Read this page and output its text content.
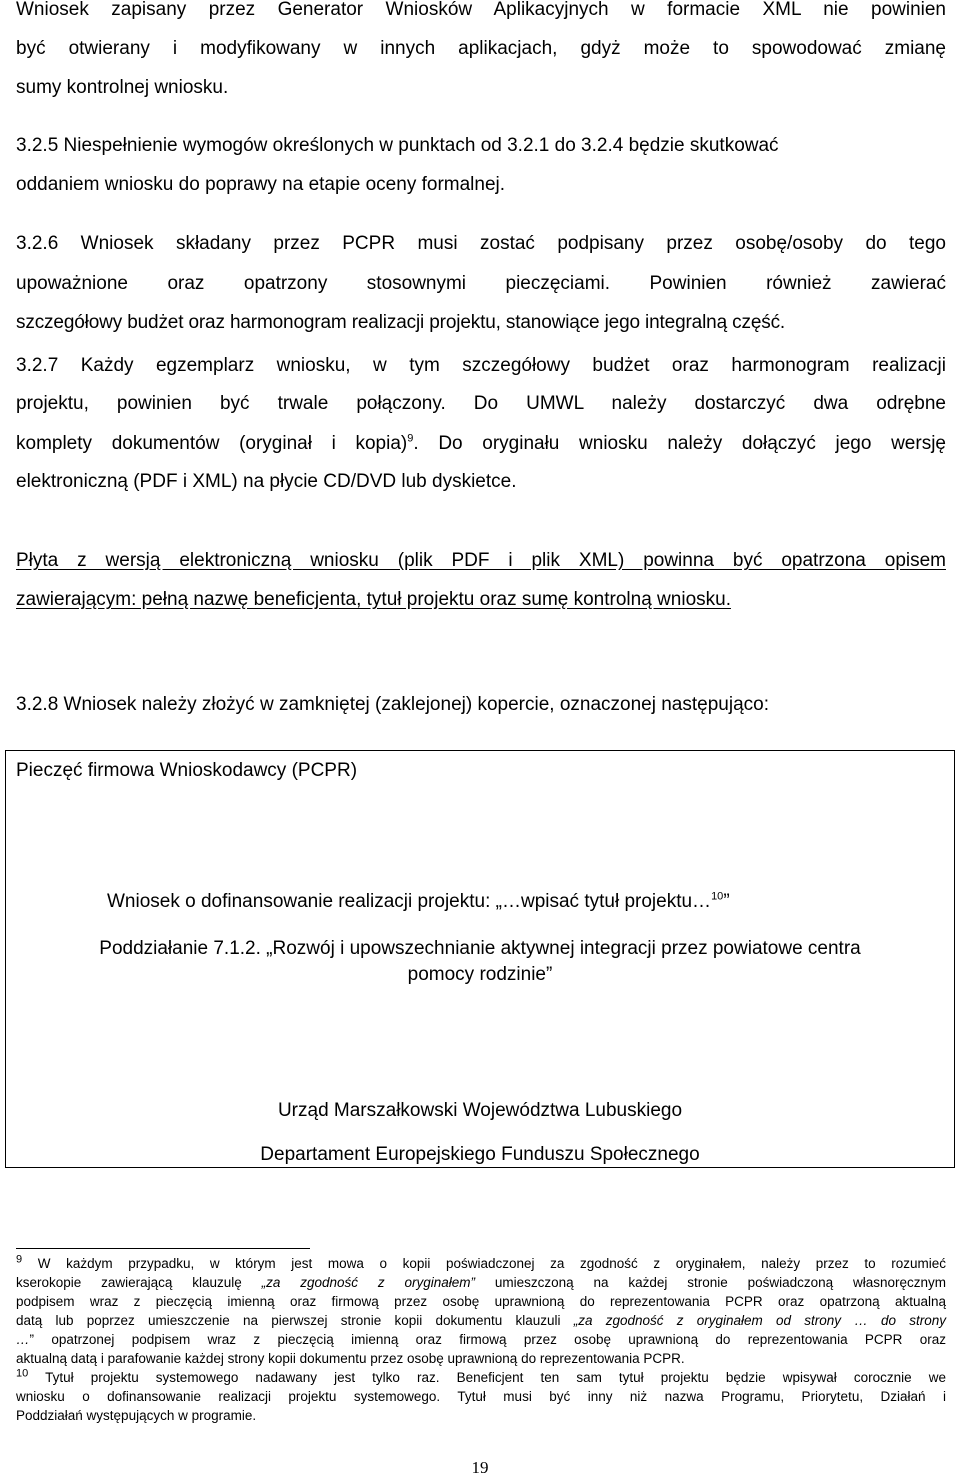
Wniosek zapisany przez Generator Wniosków Aplikacyjnych w formacie XML nie powinien

być otwierany i modyfikowany w innych aplikacjach, gdyż może to spowodować zmianę

sumy kontrolnej wniosku.

3.2.5 Niespełnienie wymogów określonych w punktach od 3.2.1 do 3.2.4 będzie skutkować

oddaniem wniosku do poprawy na etapie oceny formalnej.

3.2.6 Wniosek składany przez PCPR musi zostać podpisany przez osobę/osoby do tego

upoważnione oraz opatrzony stosownymi pieczęciami. Powinien również zawierać

szczegółowy budżet oraz harmonogram realizacji projektu, stanowiące jego integralną część.

3.2.7 Każdy egzemplarz wniosku, w tym szczegółowy budżet oraz harmonogram realizacji

projektu, powinien być trwale połączony. Do UMWL należy dostarczyć dwa odrębne

komplety dokumentów (oryginał i kopia)$^9$. Do oryginału wniosku należy dołączyć jego wersję

elektroniczną (PDF i XML) na płycie CD/DVD lub dyskietce.

Płyta z wersją elektroniczną wniosku (plik PDF i plik XML) powinna być opatrzona opisem

zawierającym: pełną nazwę beneficjenta, tytuł projektu oraz sumę kontrolną wniosku.

3.2.8 Wniosek należy złożyć w zamkniętej (zaklejonej) kopercie, oznaczonej następująco:

Pieczęć firmowa Wnioskodawcy (PCPR)
Wniosek o dofinansowanie realizacji projektu: „…wpisać tytuł projektu…$^{10}$”
Poddziałanie 7.1.2. „Rozwój i upowszechnianie aktywnej integracji przez powiatowe centra
pomocy rodzinie”
Urząd Marszałkowski Województwa Lubuskiego
Departament Europejskiego Funduszu Społecznego
$^9$ W każdym przypadku, w którym jest mowa o kopii poświadczonej za zgodność z oryginałem, należy przez to rozumieć
kserokopie zawierającą klauzulę „za zgodność z oryginałem” umieszczoną na każdej stronie poświadczoną własnoręcznym
podpisem wraz z pieczęcią imienną oraz firmową przez osobę uprawnioną do reprezentowania PCPR oraz opatrzoną aktualną
datą lub poprzez umieszczenie na pierwszej stronie kopii dokumentu klauzuli „za zgodność z oryginałem od strony … do strony
…” opatrzonej podpisem wraz z pieczęcią imienną oraz firmową przez osobę uprawnioną do reprezentowania PCPR oraz
aktualną datą i parafowanie każdej strony kopii dokumentu przez osobę uprawnioną do reprezentowania PCPR.
$^{10}$ Tytuł projektu systemowego nadawany jest tylko raz. Beneficjent ten sam tytuł projektu będzie wpisywał corocznie we
wniosku o dofinansowanie realizacji projektu systemowego. Tytuł musi być inny niż nazwa Programu, Priorytetu, Działań i
Poddziałań występujących w programie.
19
